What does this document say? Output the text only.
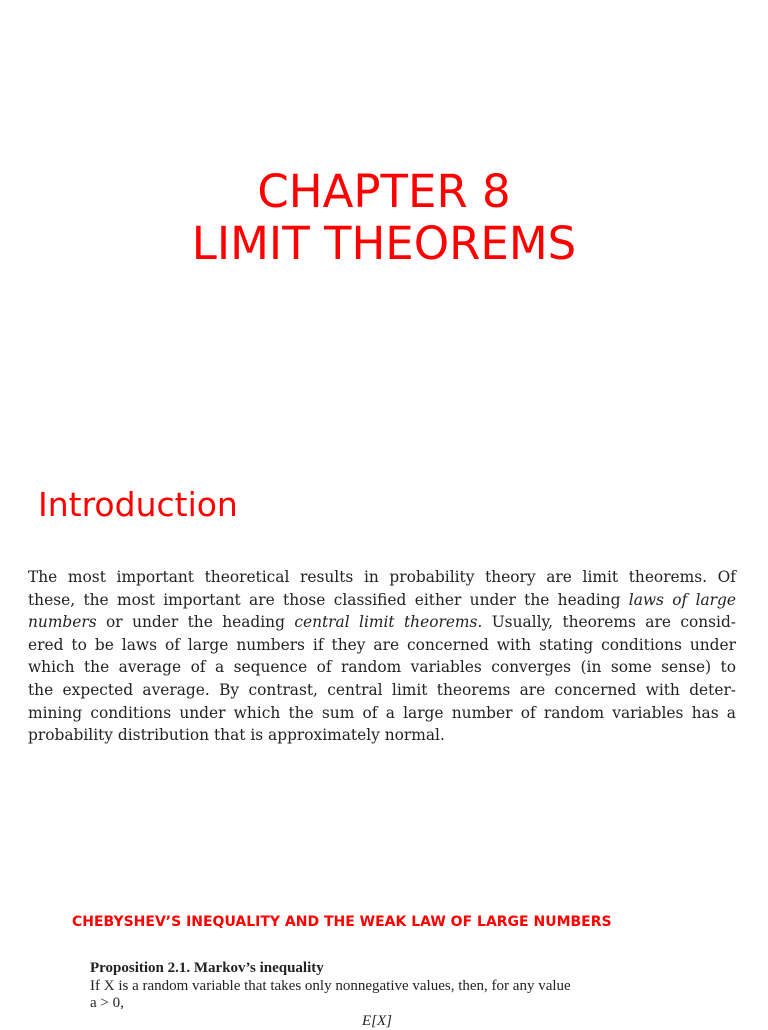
CHAPTER 8
LIMIT THEOREMS
Introduction
The most important theoretical results in probability theory are limit theorems. Of
these, the most important are those classified either under the heading laws of large
numbers or under the heading central limit theorems. Usually, theorems are consid-
ered to be laws of large numbers if they are concerned with stating conditions under
which the average of a sequence of random variables converges (in some sense) to
the expected average. By contrast, central limit theorems are concerned with deter-
mining conditions under which the sum of a large number of random variables has a
probability distribution that is approximately normal.
CHEBYSHEV’S INEQUALITY AND THE WEAK LAW OF LARGE NUMBERS
Proposition 2.1. Markov’s inequality
If X is a random variable that takes only nonnegative values, then, for any value
a > 0,
E[X]
